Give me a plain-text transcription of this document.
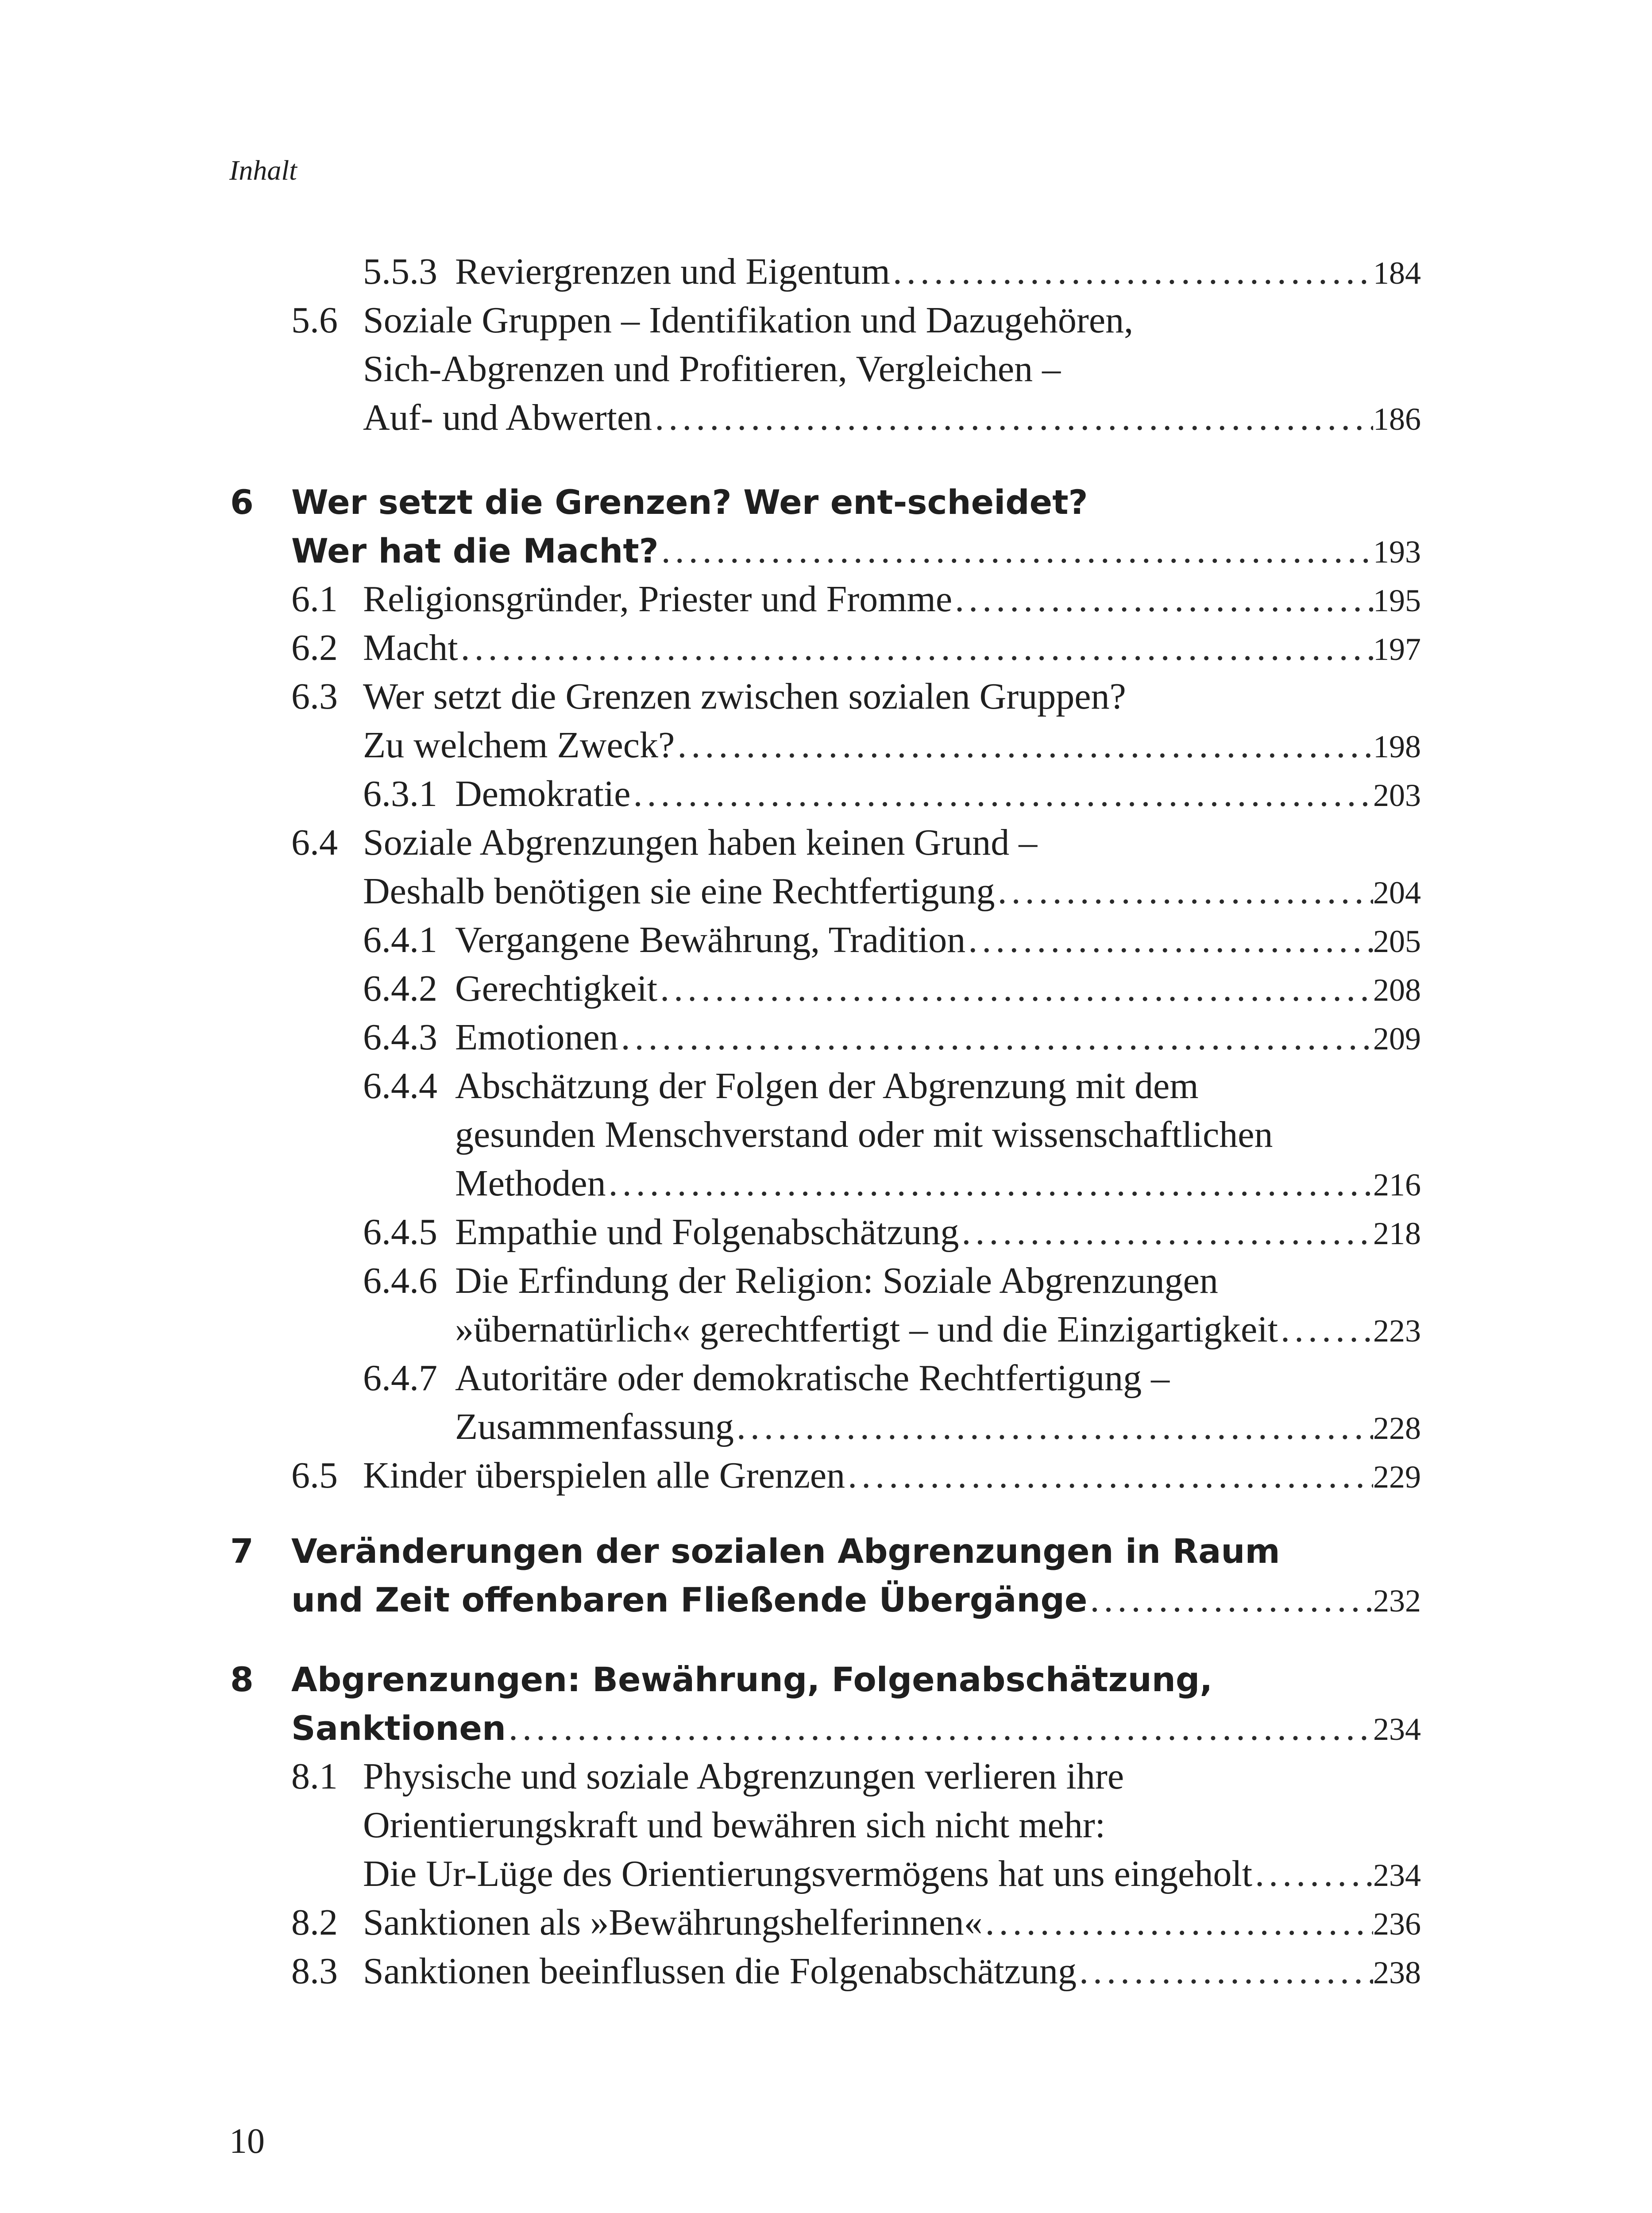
Inhalt
5.5.3 Reviergrenzen und Eigentum .....	184
5.6 Soziale Gruppen – Identifikation und Dazugehören,
Sich-Abgrenzen und Profitieren, Vergleichen –
Auf- und Abwerten .....	186
6 Wer setzt die Grenzen? Wer ent-scheidet?
Wer hat die Macht? .....	193
6.1 Religionsgründer, Priester und Fromme .....	195
6.2 Macht .....	197
6.3 Wer setzt die Grenzen zwischen sozialen Gruppen?
Zu welchem Zweck? .....	198
6.3.1 Demokratie .....	203
6.4 Soziale Abgrenzungen haben keinen Grund –
Deshalb benötigen sie eine Rechtfertigung .....	204
6.4.1 Vergangene Bewährung, Tradition .....	205
6.4.2 Gerechtigkeit .....	208
6.4.3 Emotionen .....	209
6.4.4 Abschätzung der Folgen der Abgrenzung mit dem
gesunden Menschverstand oder mit wissenschaftlichen
Methoden .....	216
6.4.5 Empathie und Folgenabschätzung .....	218
6.4.6 Die Erfindung der Religion: Soziale Abgrenzungen
»übernatürlich« gerechtfertigt – und die Einzigartigkeit .....	223
6.4.7 Autoritäre oder demokratische Rechtfertigung –
Zusammenfassung .....	228
6.5 Kinder überspielen alle Grenzen .....	229
7 Veränderungen der sozialen Abgrenzungen in Raum
und Zeit offenbaren Fließende Übergänge .....	232
8 Abgrenzungen: Bewährung, Folgenabschätzung,
Sanktionen .....	234
8.1 Physische und soziale Abgrenzungen verlieren ihre
Orientierungskraft und bewähren sich nicht mehr:
Die Ur-Lüge des Orientierungsvermögens hat uns eingeholt .....	234
8.2 Sanktionen als »Bewährungshelferinnen« .....	236
8.3 Sanktionen beeinflussen die Folgenabschätzung .....	238
10
